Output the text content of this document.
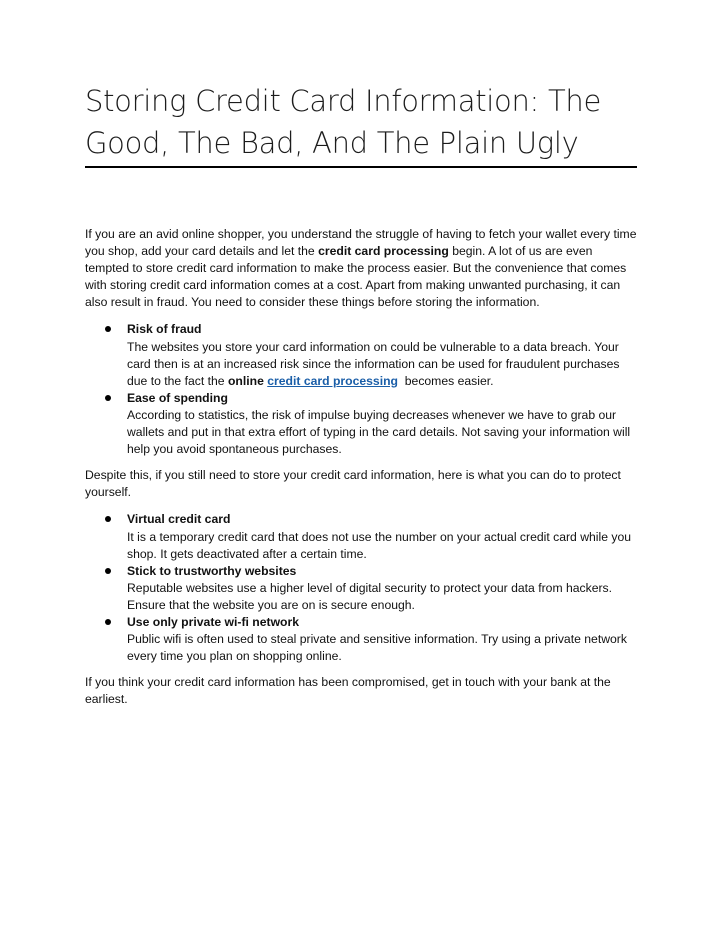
Storing Credit Card Information: The Good, The Bad, And The Plain Ugly

If you are an avid online shopper, you understand the struggle of having to fetch your wallet every time you shop, add your card details and let the credit card processing begin. A lot of us are even tempted to store credit card information to make the process easier. But the convenience that comes with storing credit card information comes at a cost. Apart from making unwanted purchasing, it can also result in fraud. You need to consider these things before storing the information.

Risk of fraud
The websites you store your card information on could be vulnerable to a data breach. Your card then is at an increased risk since the information can be used for fraudulent purchases due to the fact the online credit card processing  becomes easier.
Ease of spending
According to statistics, the risk of impulse buying decreases whenever we have to grab our wallets and put in that extra effort of typing in the card details. Not saving your information will help you avoid spontaneous purchases.

Despite this, if you still need to store your credit card information, here is what you can do to protect yourself.

Virtual credit card
It is a temporary credit card that does not use the number on your actual credit card while you shop. It gets deactivated after a certain time.
Stick to trustworthy websites
Reputable websites use a higher level of digital security to protect your data from hackers. Ensure that the website you are on is secure enough.
Use only private wi-fi network
Public wifi is often used to steal private and sensitive information. Try using a private network every time you plan on shopping online.

If you think your credit card information has been compromised, get in touch with your bank at the earliest.
